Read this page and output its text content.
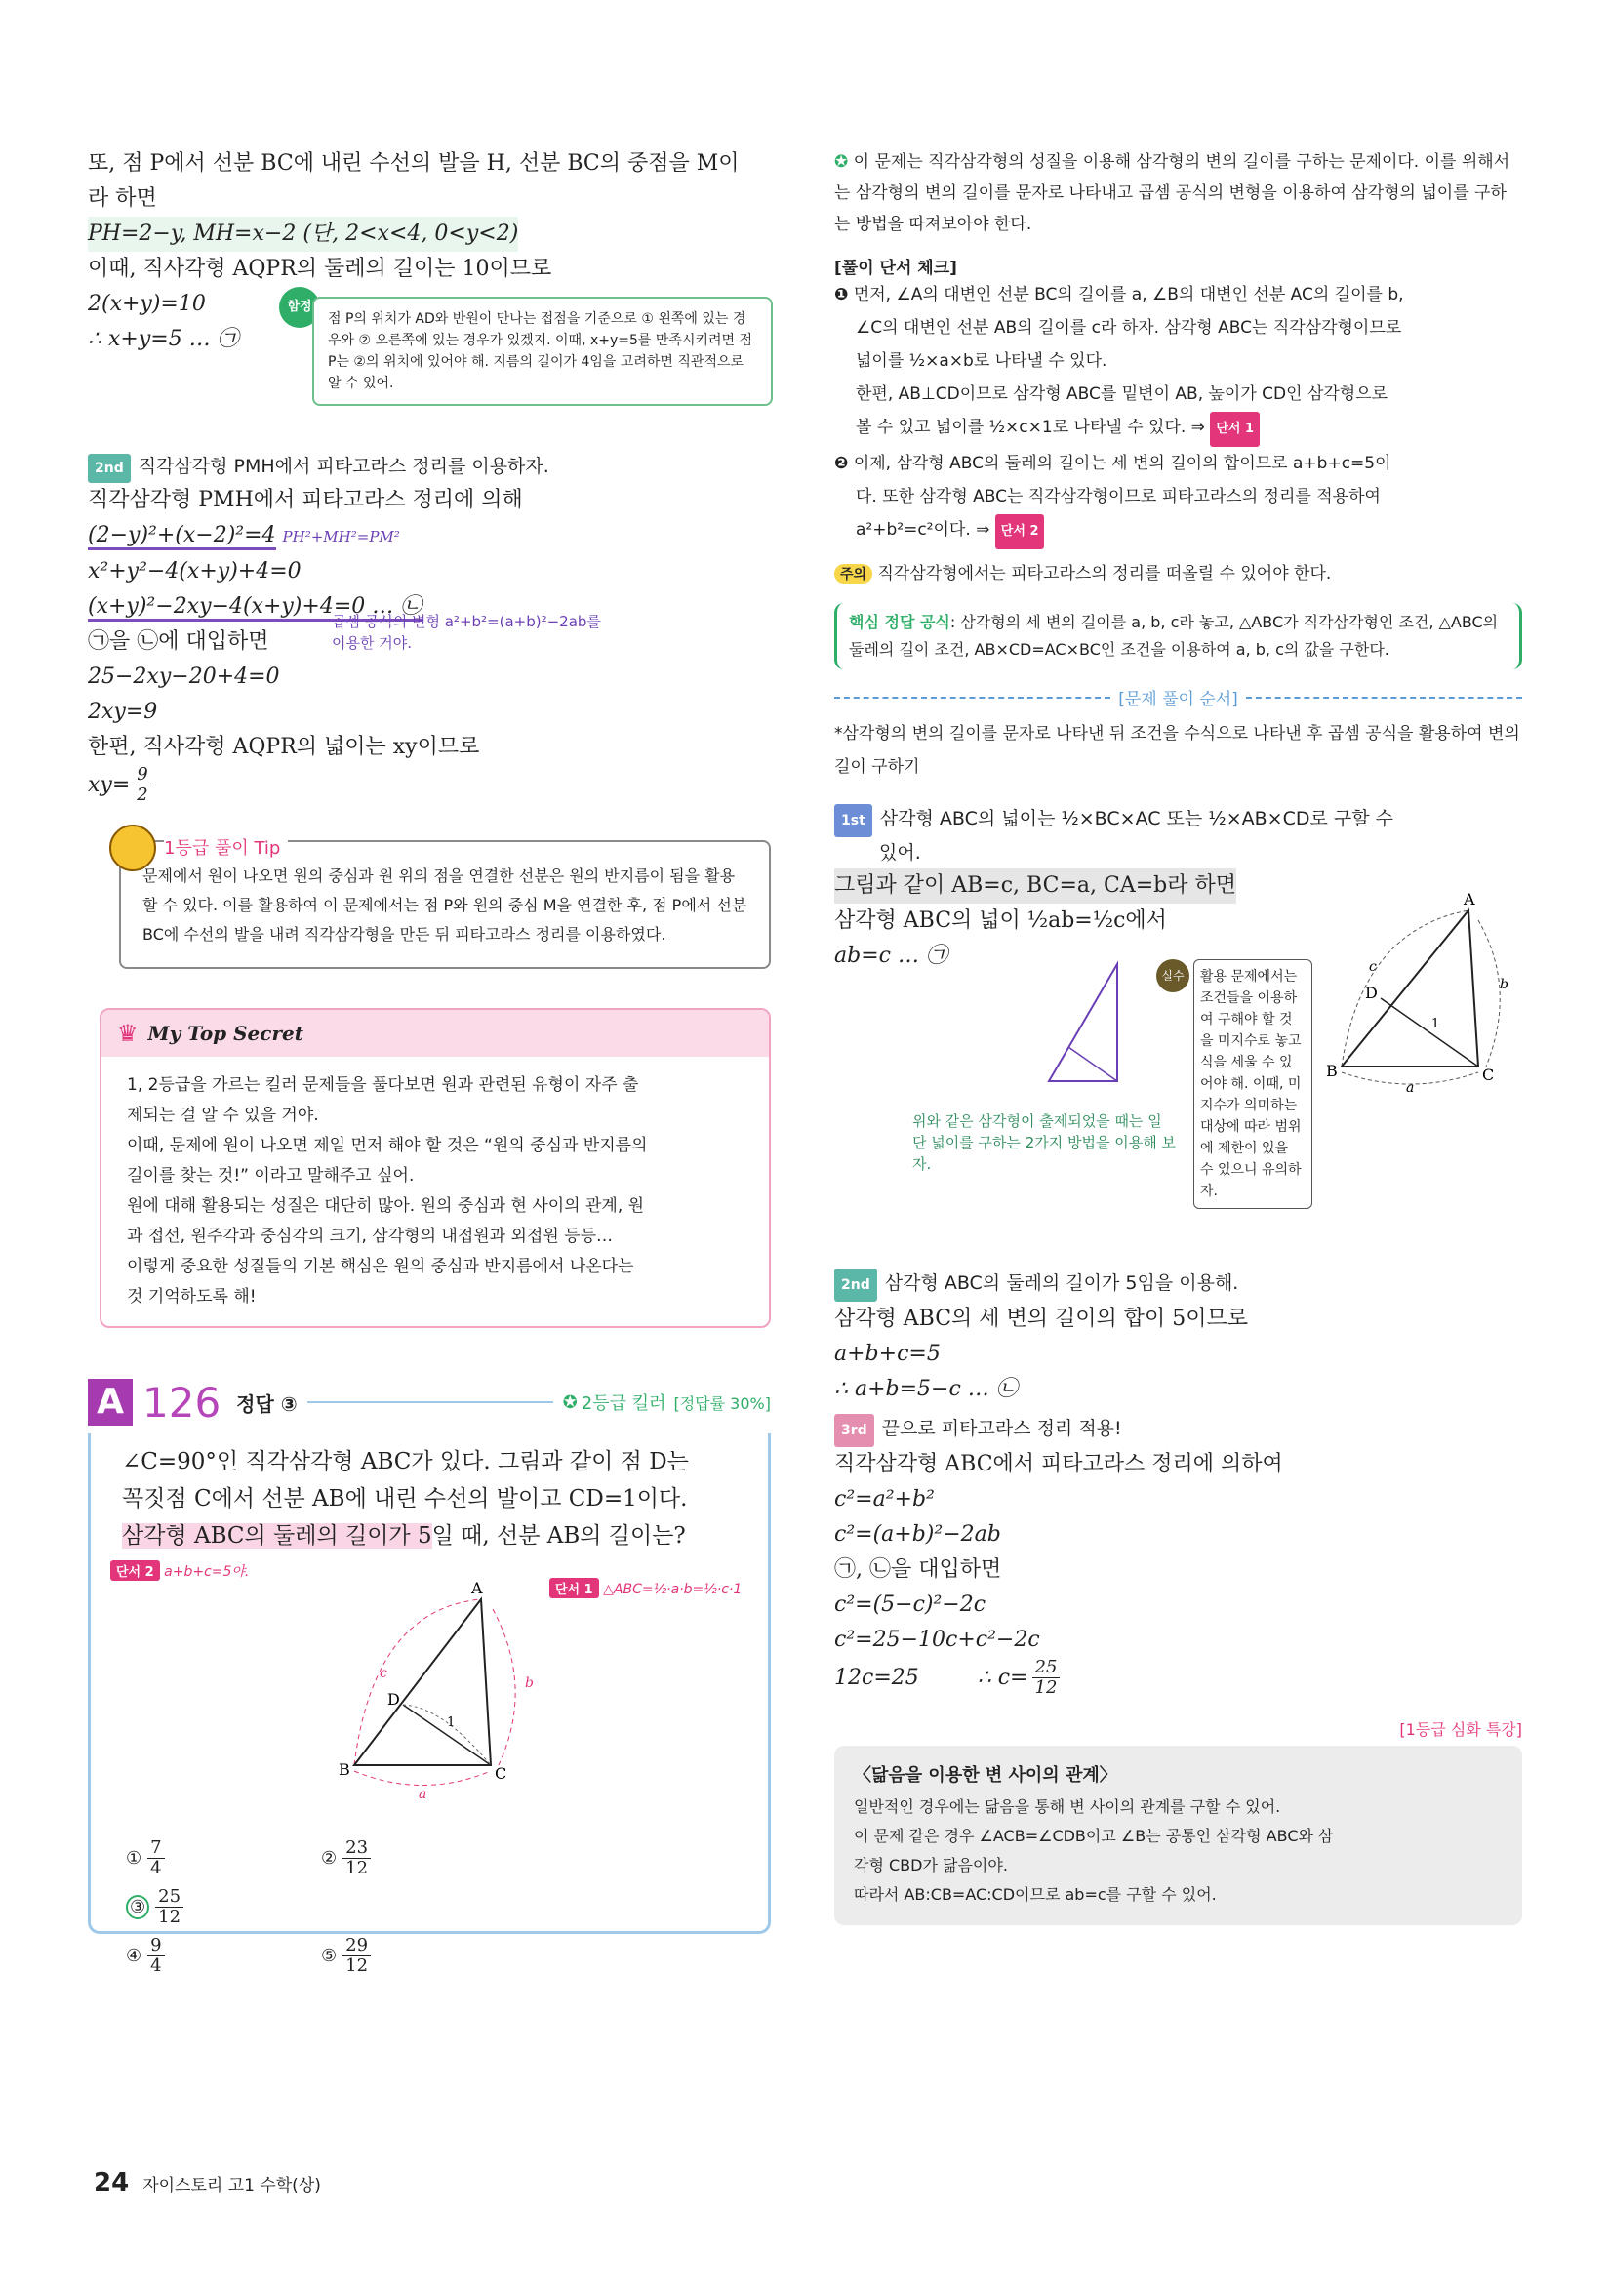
또, 점 P에서 선분 BC에 내린 수선의 발을 H, 선분 BC의 중점을 M이
라 하면
PH=2−y, MH=x−2 (단, 2<x<4, 0<y<2)
이때, 직사각형 AQPR의 둘레의 길이는 10이므로
2(x+y)=10
∴ x+y=5 … ㉠
함정
점 P의 위치가 AD와 반원이 만나는 접점을 기준으로 ① 왼쪽에 있는 경우와 ② 오른쪽에 있는 경우가 있겠지. 이때, x+y=5를 만족시키려면 점 P는 ②의 위치에 있어야 해. 지름의 길이가 4임을 고려하면 직관적으로 알 수 있어.
2nd 직각삼각형 PMH에서 피타고라스 정리를 이용하자.
직각삼각형 PMH에서 피타고라스 정리에 의해
(2−y)²+(x−2)²=4 PH²+MH²=PM²
x²+y²−4(x+y)+4=0
(x+y)²−2xy−4(x+y)+4=0 … ㉡
㉠을 ㉡에 대입하면
곱셈 공식의 변형 a²+b²=(a+b)²−2ab를
이용한 거야.
25−2xy−20+4=0
2xy=9
한편, 직사각형 AQPR의 넓이는 xy이므로
$xy= \frac{9}{2}$
1등급 풀이 Tip
문제에서 원이 나오면 원의 중심과 원 위의 점을 연결한 선분은 원의 반지름이 됨을 활용할 수 있다. 이를 활용하여 이 문제에서는 점 P와 원의 중심 M을 연결한 후, 점 P에서 선분 BC에 수선의 발을 내려 직각삼각형을 만든 뒤 피타고라스 정리를 이용하였다.
♛ My Top Secret
1, 2등급을 가르는 킬러 문제들을 풀다보면 원과 관련된 유형이 자주 출
제되는 걸 알 수 있을 거야.
이때, 문제에 원이 나오면 제일 먼저 해야 할 것은 “원의 중심과 반지름의
길이를 찾는 것!” 이라고 말해주고 싶어.
원에 대해 활용되는 성질은 대단히 많아. 원의 중심과 현 사이의 관계, 원
과 접선, 원주각과 중심각의 크기, 삼각형의 내접원과 외접원 등등…
이렇게 중요한 성질들의 기본 핵심은 원의 중심과 반지름에서 나온다는
것 기억하도록 해!
A 126 정답 ③	✪ 2등급 킬러 [정답률 30%]
∠C=90°인 직각삼각형 ABC가 있다. 그림과 같이 점 D는
꼭짓점 C에서 선분 AB에 내린 수선의 발이고 CD=1이다.
삼각형 ABC의 둘레의 길이가 5일 때, 선분 AB의 길이는?
단서 2 a+b+c=5야.
단서 1 △ABC=½·a·b=½·c·1
A
B	C
D
1
c
b
a
①
7
4	②
23
12
③
25
12

④
9
4	⑤
29
12
✪ 이 문제는 직각삼각형의 성질을 이용해 삼각형의 변의 길이를 구하는 문제이다. 이를 위해서는 삼각형의 변의 길이를 문자로 나타내고 곱셈 공식의 변형을 이용하여 삼각형의 넓이를 구하는 방법을 따져보아야 한다.
[풀이 단서 체크]
❶ 먼저, ∠A의 대변인 선분 BC의 길이를 a, ∠B의 대변인 선분 AC의 길이를 b,
∠C의 대변인 선분 AB의 길이를 c라 하자. 삼각형 ABC는 직각삼각형이므로
넓이를 ½×a×b로 나타낼 수 있다.
한편, AB⊥CD이므로 삼각형 ABC를 밑변이 AB, 높이가 CD인 삼각형으로
볼 수 있고 넓이를 ½×c×1로 나타낼 수 있다. ⇒ 단서 1
❷ 이제, 삼각형 ABC의 둘레의 길이는 세 변의 길이의 합이므로 a+b+c=5이
다. 또한 삼각형 ABC는 직각삼각형이므로 피타고라스의 정리를 적용하여
a²+b²=c²이다. ⇒ 단서 2
주의 직각삼각형에서는 피타고라스의 정리를 떠올릴 수 있어야 한다.
핵심 정답 공식: 삼각형의 세 변의 길이를 a, b, c라 놓고, △ABC가 직각삼각형인 조건, △ABC의 둘레의 길이 조건, AB×CD=AC×BC인 조건을 이용하여 a, b, c의 값을 구한다.
[문제 풀이 순서]
*삼각형의 변의 길이를 문자로 나타낸 뒤 조건을 수식으로 나타낸 후 곱셈 공식을 활용하여 변의 길이 구하기
1st 삼각형 ABC의 넓이는 ½×BC×AC 또는 ½×AB×CD로 구할 수
있어.
그림과 같이 AB=c, BC=a, CA=b라 하면
삼각형 ABC의 넓이 ½ab=½c에서
ab=c … ㉠
위와 같은 삼각형이 출제되었을 때는 일단 넓이를 구하는 2가지 방법을 이용해 보자.
실수	활용 문제에서는 조건들을 이용하여 구해야 할 것을 미지수로 놓고 식을 세울 수 있어야 해. 이때, 미지수가 의미하는 대상에 따라 범위에 제한이 있을 수 있으니 유의하자.
A
B	C
D
1
c
b
a
2nd 삼각형 ABC의 둘레의 길이가 5임을 이용해.
삼각형 ABC의 세 변의 길이의 합이 5이므로
a+b+c=5
∴ a+b=5−c … ㉡
3rd 끝으로 피타고라스 정리 적용!
직각삼각형 ABC에서 피타고라스 정리에 의하여
c²=a²+b²
c²=(a+b)²−2ab
㉠, ㉡을 대입하면
c²=(5−c)²−2c
c²=25−10c+c²−2c
12c=25	∴ $c= \frac{25}{12}$
[1등급 심화 특강]
〈닮음을 이용한 변 사이의 관계〉
일반적인 경우에는 닮음을 통해 변 사이의 관계를 구할 수 있어.
이 문제 같은 경우 ∠ACB=∠CDB이고 ∠B는 공통인 삼각형 ABC와 삼
각형 CBD가 닮음이야.
따라서 AB:CB=AC:CD이므로 ab=c를 구할 수 있어.
24 자이스토리 고1 수학(상)
